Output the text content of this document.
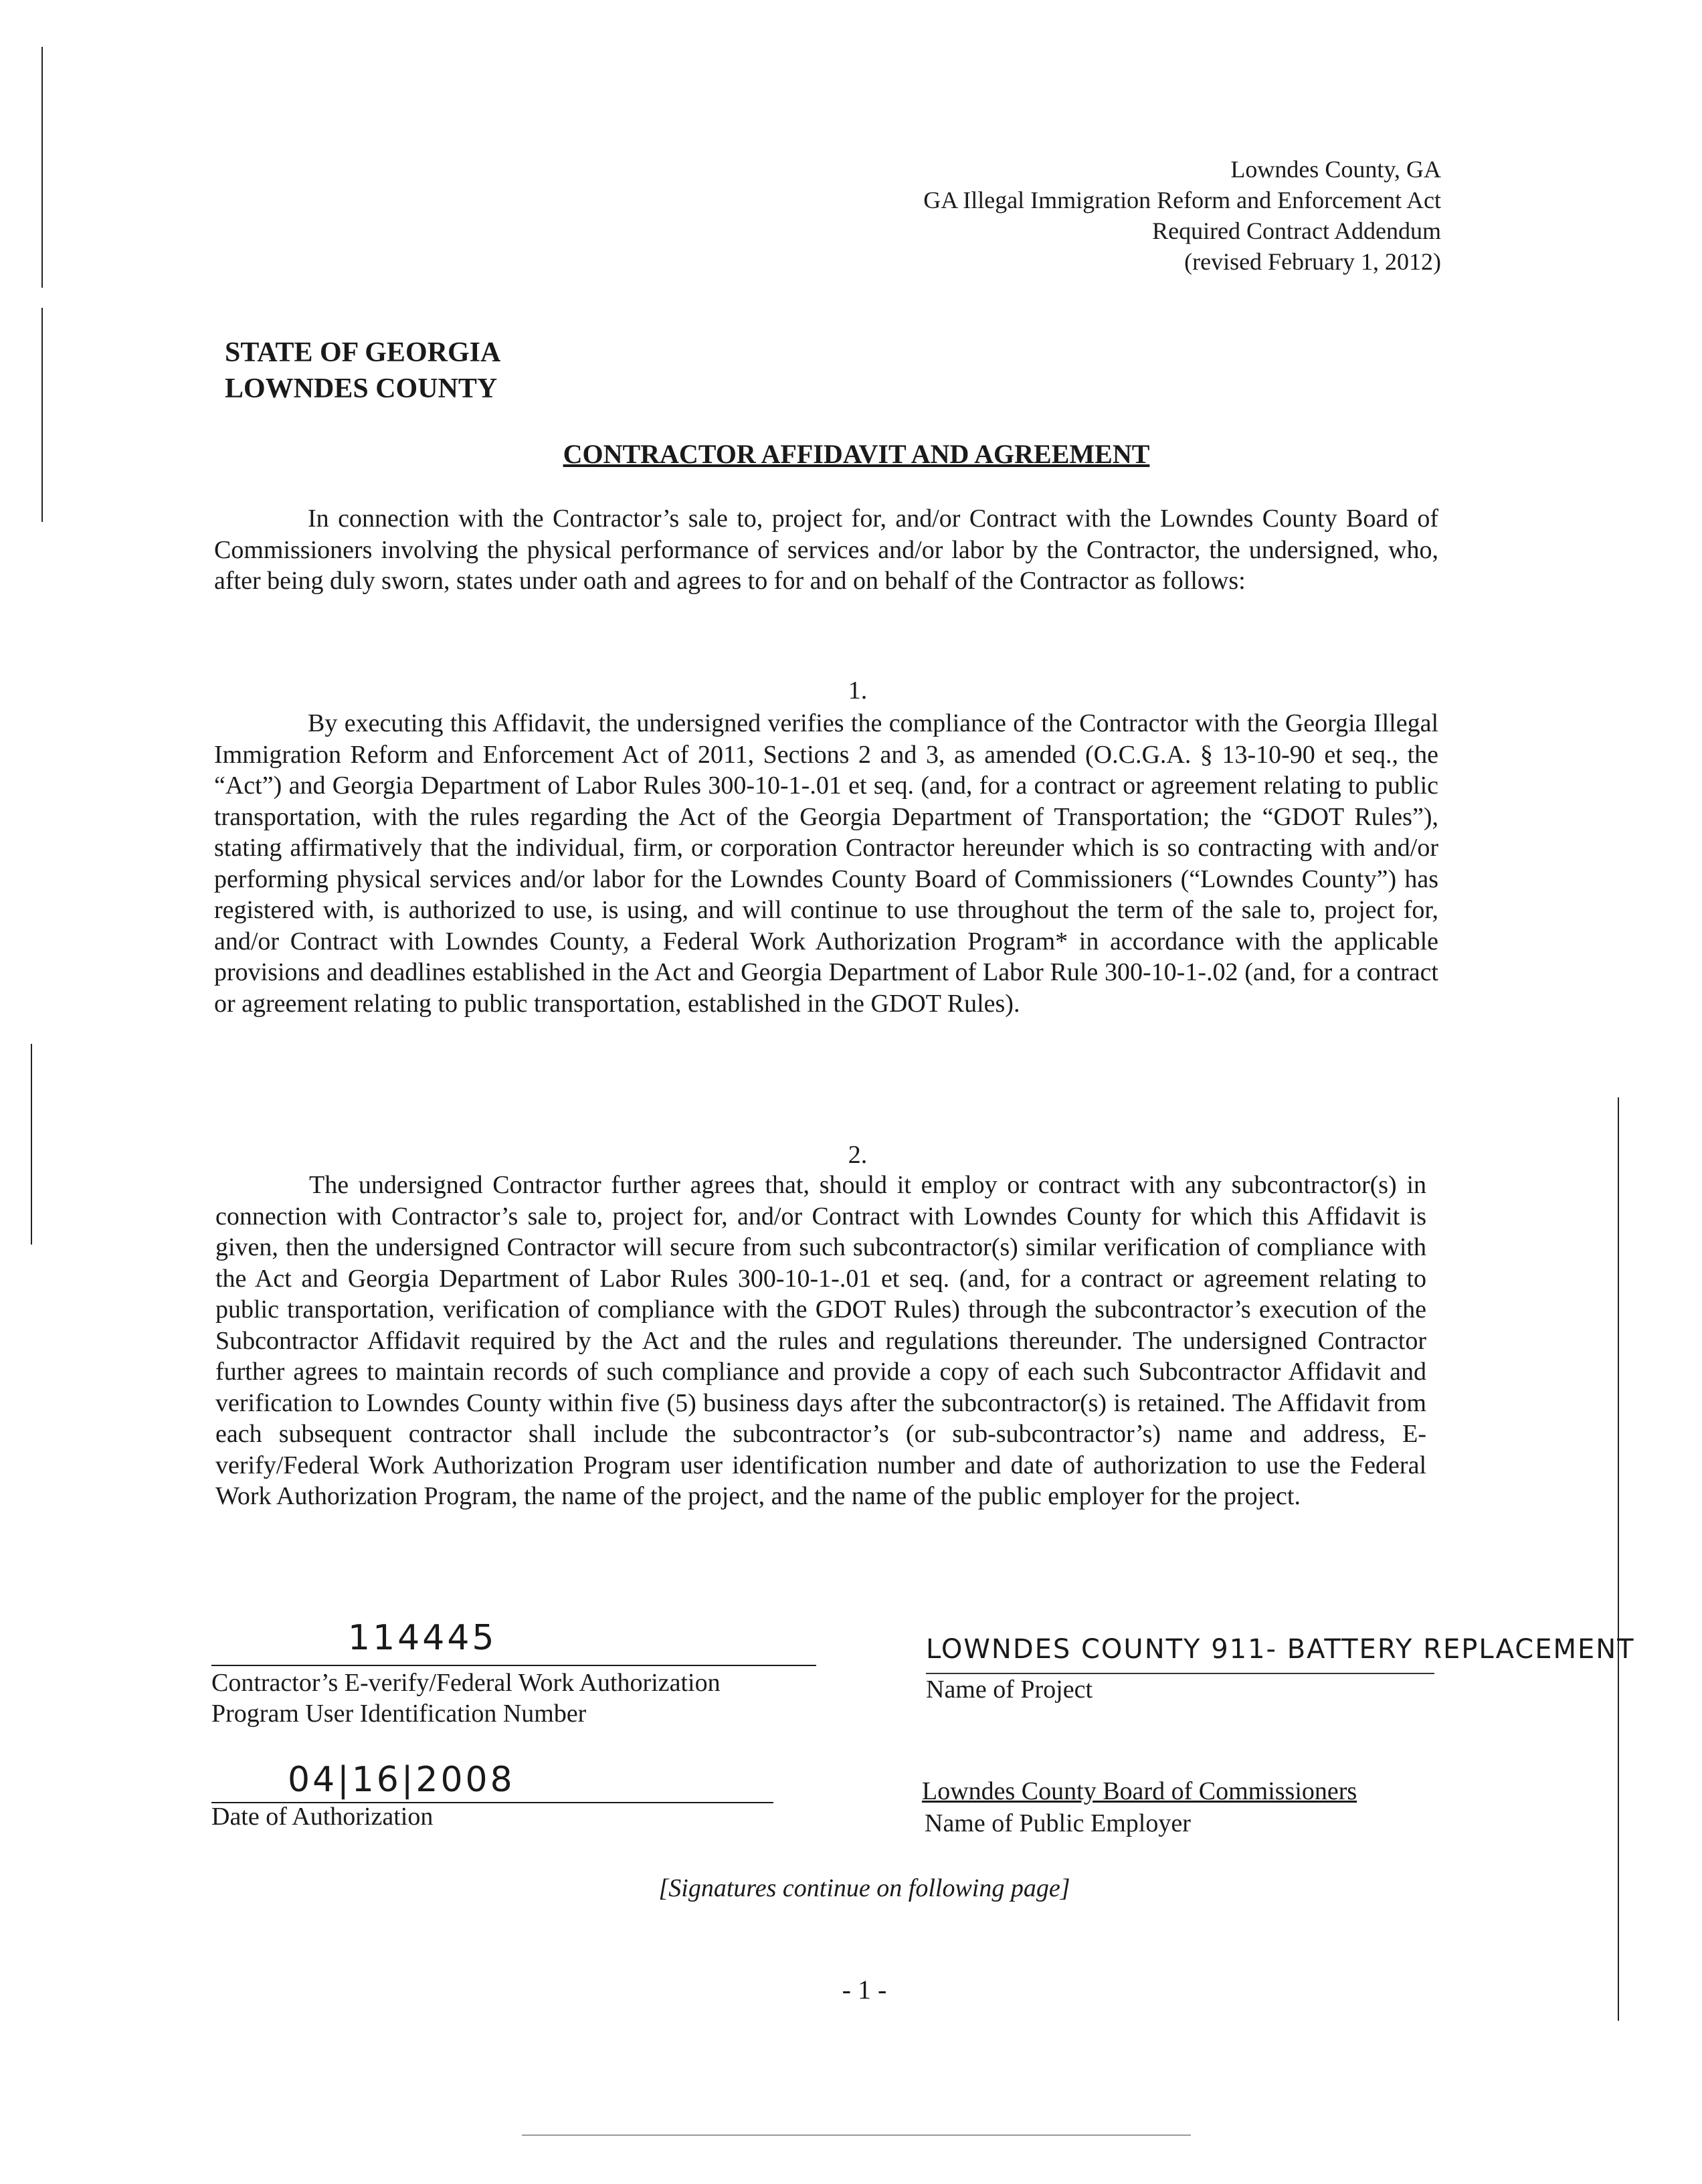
Lowndes County, GA
GA Illegal Immigration Reform and Enforcement Act
Required Contract Addendum
(revised February 1, 2012)
STATE OF GEORGIA
LOWNDES COUNTY
CONTRACTOR AFFIDAVIT AND AGREEMENT
In connection with the Contractor’s sale to, project for, and/or Contract with the Lowndes County Board of Commissioners involving the physical performance of services and/or labor by the Contractor, the undersigned, who, after being duly sworn, states under oath and agrees to for and on behalf of the Contractor as follows:
1.
By executing this Affidavit, the undersigned verifies the compliance of the Contractor with the Georgia Illegal Immigration Reform and Enforcement Act of 2011, Sections 2 and 3, as amended (O.C.G.A. § 13-10-90 et seq., the “Act”) and Georgia Department of Labor Rules 300-10-1-.01 et seq. (and, for a contract or agreement relating to public transportation, with the rules regarding the Act of the Georgia Department of Transportation; the “GDOT Rules”), stating affirmatively that the individual, firm, or corporation Contractor hereunder which is so contracting with and/or performing physical services and/or labor for the Lowndes County Board of Commissioners (“Lowndes County”) has registered with, is authorized to use, is using, and will continue to use throughout the term of the sale to, project for, and/or Contract with Lowndes County, a Federal Work Authorization Program* in accordance with the applicable provisions and deadlines established in the Act and Georgia Department of Labor Rule 300-10-1-.02 (and, for a contract or agreement relating to public transportation, established in the GDOT Rules).
2.
The undersigned Contractor further agrees that, should it employ or contract with any subcontractor(s) in connection with Contractor’s sale to, project for, and/or Contract with Lowndes County for which this Affidavit is given, then the undersigned Contractor will secure from such subcontractor(s) similar verification of compliance with the Act and Georgia Department of Labor Rules 300-10-1-.01 et seq. (and, for a contract or agreement relating to public transportation, verification of compliance with the GDOT Rules) through the subcontractor’s execution of the Subcontractor Affidavit required by the Act and the rules and regulations thereunder. The undersigned Contractor further agrees to maintain records of such compliance and provide a copy of each such Subcontractor Affidavit and verification to Lowndes County within five (5) business days after the subcontractor(s) is retained. The Affidavit from each subsequent contractor shall include the subcontractor’s (or sub-subcontractor’s) name and address, E-verify/Federal Work Authorization Program user identification number and date of authorization to use the Federal Work Authorization Program, the name of the project, and the name of the public employer for the project.
114445
Contractor’s E-verify/Federal Work Authorization
Program User Identification Number
04|16|2008
Date of Authorization
LOWNDES COUNTY 911- BATTERY REPLACEMENT
Name of Project
Lowndes County Board of Commissioners
Name of Public Employer
[Signatures continue on following page]
- 1 -
